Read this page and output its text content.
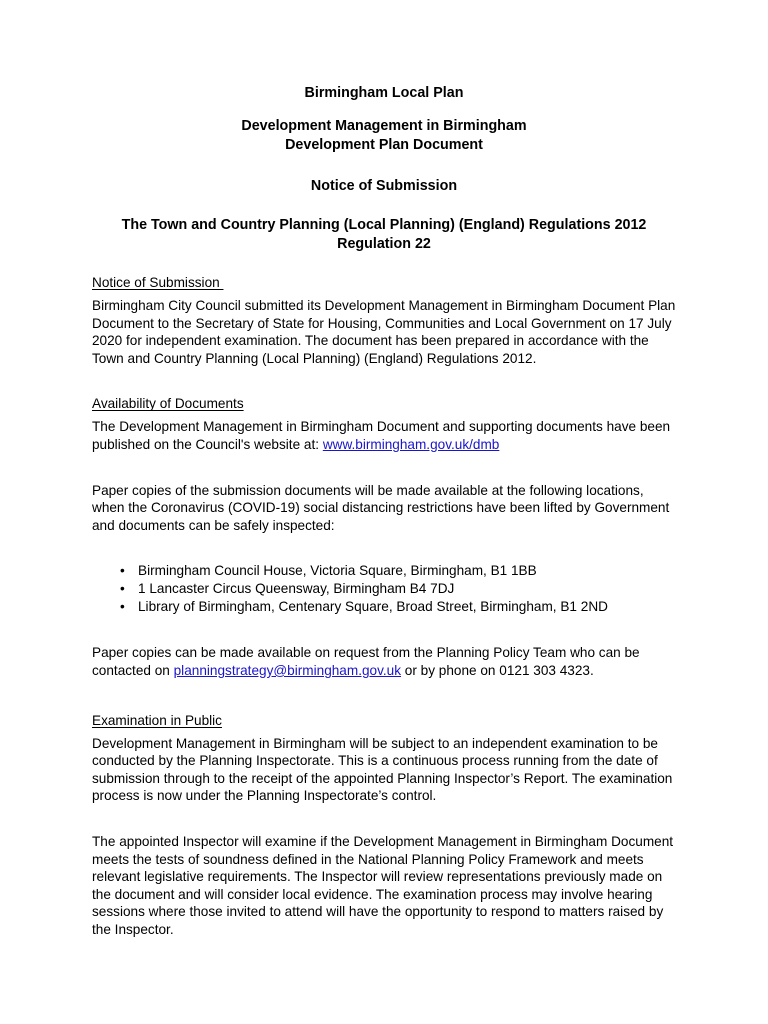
Birmingham Local Plan
Development Management in Birmingham
Development Plan Document
Notice of Submission
The Town and Country Planning (Local Planning) (England) Regulations 2012
Regulation 22
Notice of Submission

Birmingham City Council submitted its Development Management in Birmingham Document Plan Document to the Secretary of State for Housing, Communities and Local Government on 17 July 2020 for independent examination. The document has been prepared in accordance with the Town and Country Planning (Local Planning) (England) Regulations 2012.

Availability of Documents

The Development Management in Birmingham Document and supporting documents have been published on the Council's website at: www.birmingham.gov.uk/dmb

Paper copies of the submission documents will be made available at the following locations, when the Coronavirus (COVID-19) social distancing restrictions have been lifted by Government and documents can be safely inspected:

• Birmingham Council House, Victoria Square, Birmingham, B1 1BB
• 1 Lancaster Circus Queensway, Birmingham B4 7DJ
• Library of Birmingham, Centenary Square, Broad Street, Birmingham, B1 2ND

Paper copies can be made available on request from the Planning Policy Team who can be contacted on planningstrategy@birmingham.gov.uk or by phone on 0121 303 4323.

Examination in Public

Development Management in Birmingham will be subject to an independent examination to be conducted by the Planning Inspectorate. This is a continuous process running from the date of submission through to the receipt of the appointed Planning Inspector’s Report. The examination process is now under the Planning Inspectorate’s control.

The appointed Inspector will examine if the Development Management in Birmingham Document meets the tests of soundness defined in the National Planning Policy Framework and meets relevant legislative requirements. The Inspector will review representations previously made on the document and will consider local evidence. The examination process may involve hearing sessions where those invited to attend will have the opportunity to respond to matters raised by the Inspector.
